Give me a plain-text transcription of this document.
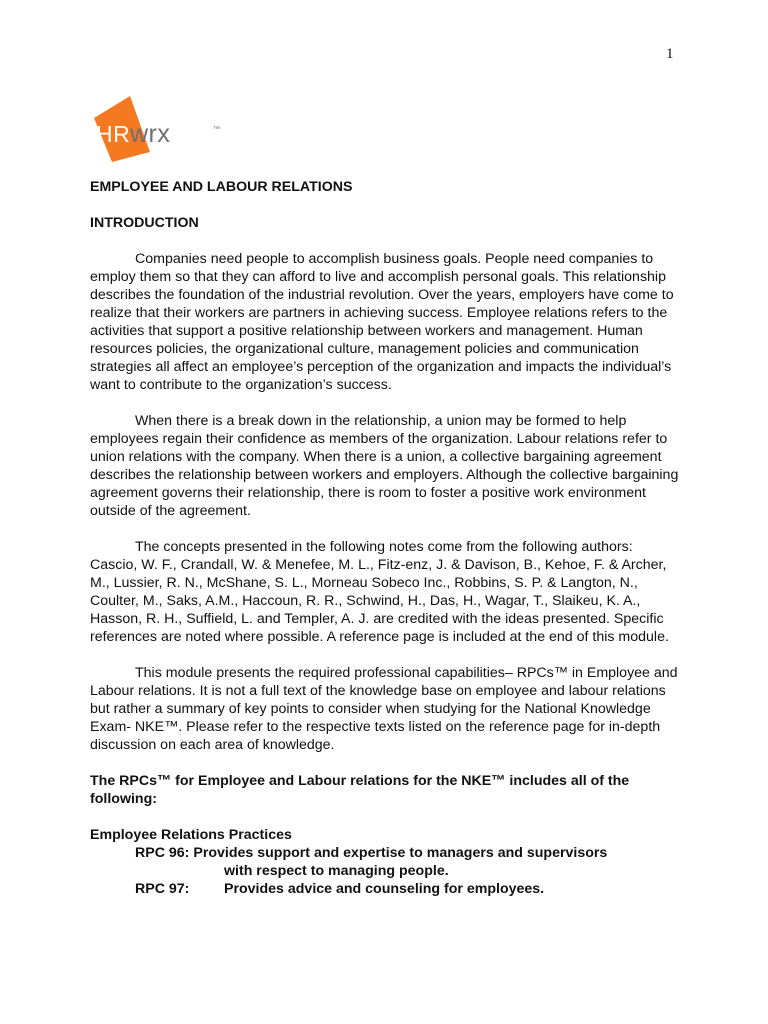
1
HR wrx	™

EMPLOYEE AND LABOUR RELATIONS

INTRODUCTION

Companies need people to accomplish business goals. People need companies to employ them so that they can afford to live and accomplish personal goals. This relationship describes the foundation of the industrial revolution. Over the years, employers have come to realize that their workers are partners in achieving success. Employee relations refers to the activities that support a positive relationship between workers and management. Human resources policies, the organizational culture, management policies and communication strategies all affect an employee’s perception of the organization and impacts the individual’s want to contribute to the organization’s success.

When there is a break down in the relationship, a union may be formed to help employees regain their confidence as members of the organization. Labour relations refer to union relations with the company. When there is a union, a collective bargaining agreement describes the relationship between workers and employers. Although the collective bargaining agreement governs their relationship, there is room to foster a positive work environment outside of the agreement.

The concepts presented in the following notes come from the following authors: Cascio, W. F., Crandall, W. & Menefee, M. L., Fitz-enz, J. & Davison, B., Kehoe, F. & Archer, M., Lussier, R. N., McShane, S. L., Morneau Sobeco Inc., Robbins, S. P. & Langton, N., Coulter, M., Saks, A.M., Haccoun, R. R., Schwind, H., Das, H., Wagar, T., Slaikeu, K. A., Hasson, R. H., Suffield, L. and Templer, A. J. are credited with the ideas presented. Specific references are noted where possible. A reference page is included at the end of this module.

This module presents the required professional capabilities– RPCs™ in Employee and Labour relations. It is not a full text of the knowledge base on employee and labour relations but rather a summary of key points to consider when studying for the National Knowledge Exam- NKE™. Please refer to the respective texts listed on the reference page for in-depth discussion on each area of knowledge.

The RPCs™ for Employee and Labour relations for the NKE™ includes all of the following:

Employee Relations Practices

RPC 96:
Provides support and expertise to managers and supervisors
with respect to managing people.
RPC 97:	Provides advice and counseling for employees.
